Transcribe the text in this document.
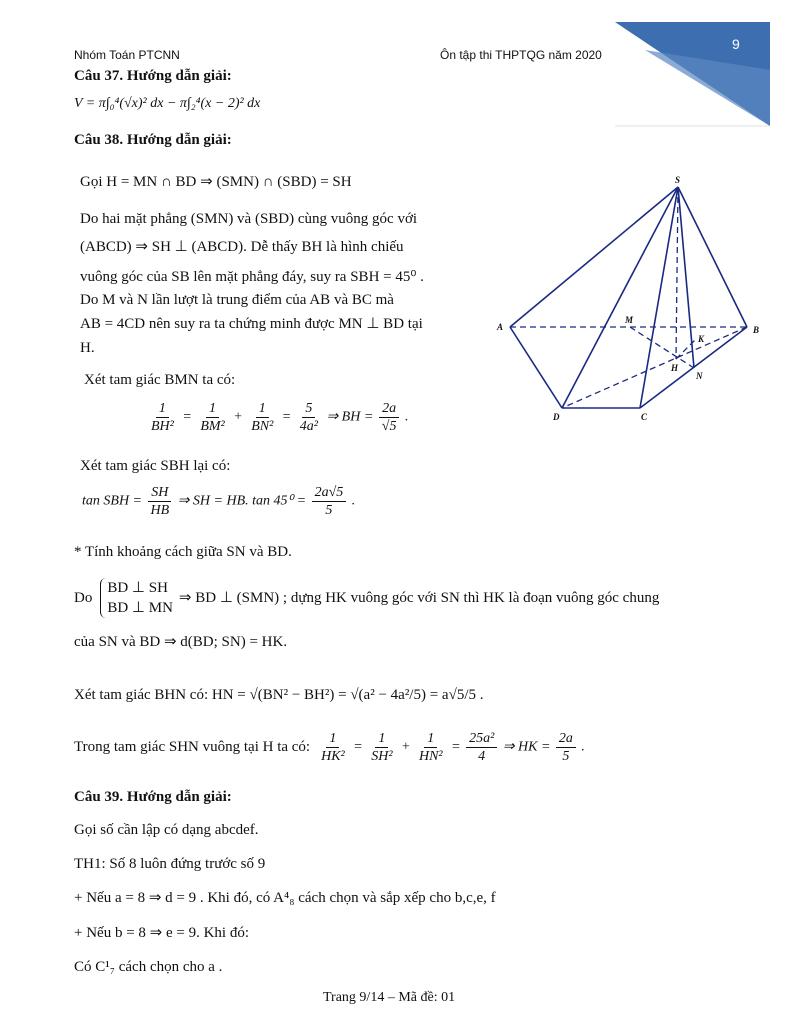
9
Nhóm Toán PTCNN	Ôn tập thi THPTQG năm 2020
Câu 37. Hướng dẫn giải:
V = π∫₀⁴(√x)² dx − π∫₂⁴(x − 2)² dx
Câu 38. Hướng dẫn giải:
Gọi H = MN ∩ BD ⇒ (SMN) ∩ (SBD) = SH
Do hai mặt phẳng (SMN) và (SBD) cùng vuông góc với
(ABCD) ⇒ SH ⊥ (ABCD). Dễ thấy BH là hình chiếu
vuông góc của SB lên mặt phẳng đáy, suy ra SBH = 45⁰ .
Do M và N lần lượt là trung điểm của AB và BC mà
AB = 4CD nên suy ra ta chứng minh được MN ⊥ BD tại
H.
Xét tam giác BMN ta có:
$\frac{1}{\text{BH²}} = \frac{1}{\text{BM²}} + \frac{1}{\text{BN²}} = \frac{5}{\text{4a²}}$ ⇒ BH = $\frac{2a}{√5}$ .
Xét tam giác SBH lại có:
tan SBH = $\frac{SH}{HB}$ ⇒ SH = HB. $\tan 45^0 = \frac{2a√5}{5}$ .
* Tính khoảng cách giữa SN và BD.
Do
BD ⊥ SH
BD ⊥ MN
⇒ BD ⊥ (SMN) ; dựng HK vuông góc với SN thì HK là đoạn vuông góc chung
của SN và BD ⇒ d(BD; SN) = HK.
Xét tam giác BHN có: HN = √(BN² − BH²) = √(a² − 4a²/5) = a√5/5 .
Trong tam giác SHN vuông tại H ta có: $\frac{1}{\text{HK²}} = \frac{1}{\text{SH²}} + \frac{1}{\text{HN²}} = \frac{\text{25a²}}{4}$ ⇒ HK = $\frac{2a}{5}$ .
S
A	B
C
D
M
N
H
K
Câu 39. Hướng dẫn giải:
Gọi số cần lập có dạng abcdef.
TH1: Số 8 luôn đứng trước số 9
+ Nếu a = 8 ⇒ d = 9 . Khi đó, có A⁴₈ cách chọn và sắp xếp cho b,c,e, f
+ Nếu b = 8 ⇒ e = 9. Khi đó:
Có C¹₇ cách chọn cho a .
Trang 9/14 – Mã đề: 01
